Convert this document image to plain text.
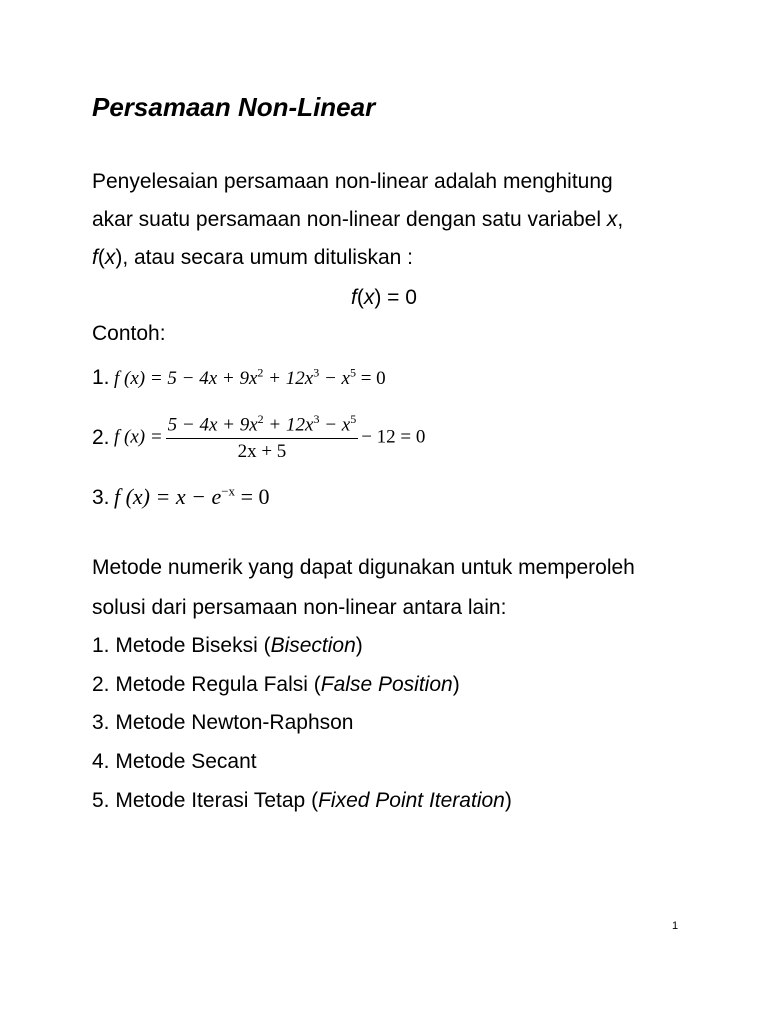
Persamaan Non-Linear
Penyelesaian persamaan non-linear adalah menghitung
akar suatu persamaan non-linear dengan satu variabel x,
f(x), atau secara umum dituliskan :
f(x) = 0
Contoh:
1. f $(x) = 5 - 4x + 9x^2 + 12x^3 - x^5 = 0$
2. f $(x) = \frac{5 - 4x + 9x^2 + 12x^3 - x^5}{2x + 5} - 12 = 0$
3. f $(x) = x - e^{-x} = 0$
Metode numerik yang dapat digunakan untuk memperoleh
solusi dari persamaan non-linear antara lain:
1. Metode Biseksi (Bisection)
2. Metode Regula Falsi (False Position)
3. Metode Newton-Raphson
4. Metode Secant
5. Metode Iterasi Tetap (Fixed Point Iteration)
1
